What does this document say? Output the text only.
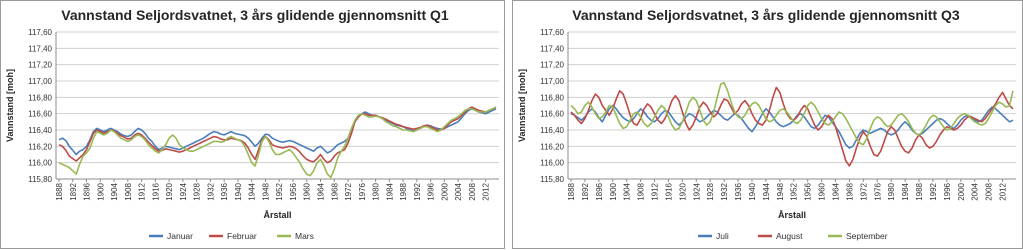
Vannstand Seljordsvatnet, 3 års glidende gjennomsnitt Q1
115,80
116,00
116,20
116,40
116,60
116,80
117,00
117,20
117,40
117,60
Vannstand [moh]
1888 1892 1896 1900 1904 1908 1912 1916 1920 1924 1928 1932 1936 1940 1944 1948 1952 1956 1960 1964 1968 1972 1976 1980 1984 1988 1992 1996 2000 2004 2008 2012
Årstall
Januar	Februar	Mars
Vannstand Seljordsvatnet, 3 års glidende gjennomsnitt Q3
115,80
116,00
116,20
116,40
116,60
116,80
117,00
117,20
117,40
117,60
Vannstand [moh]
1888 1892 1896 1900 1904 1908 1912 1916 1920 1924 1928 1932 1936 1940 1944 1948 1952 1956 1960 1964 1968 1972 1976 1980 1984 1988 1992 1996 2000 2004 2008 2012
Årstall
Juli	August	September
